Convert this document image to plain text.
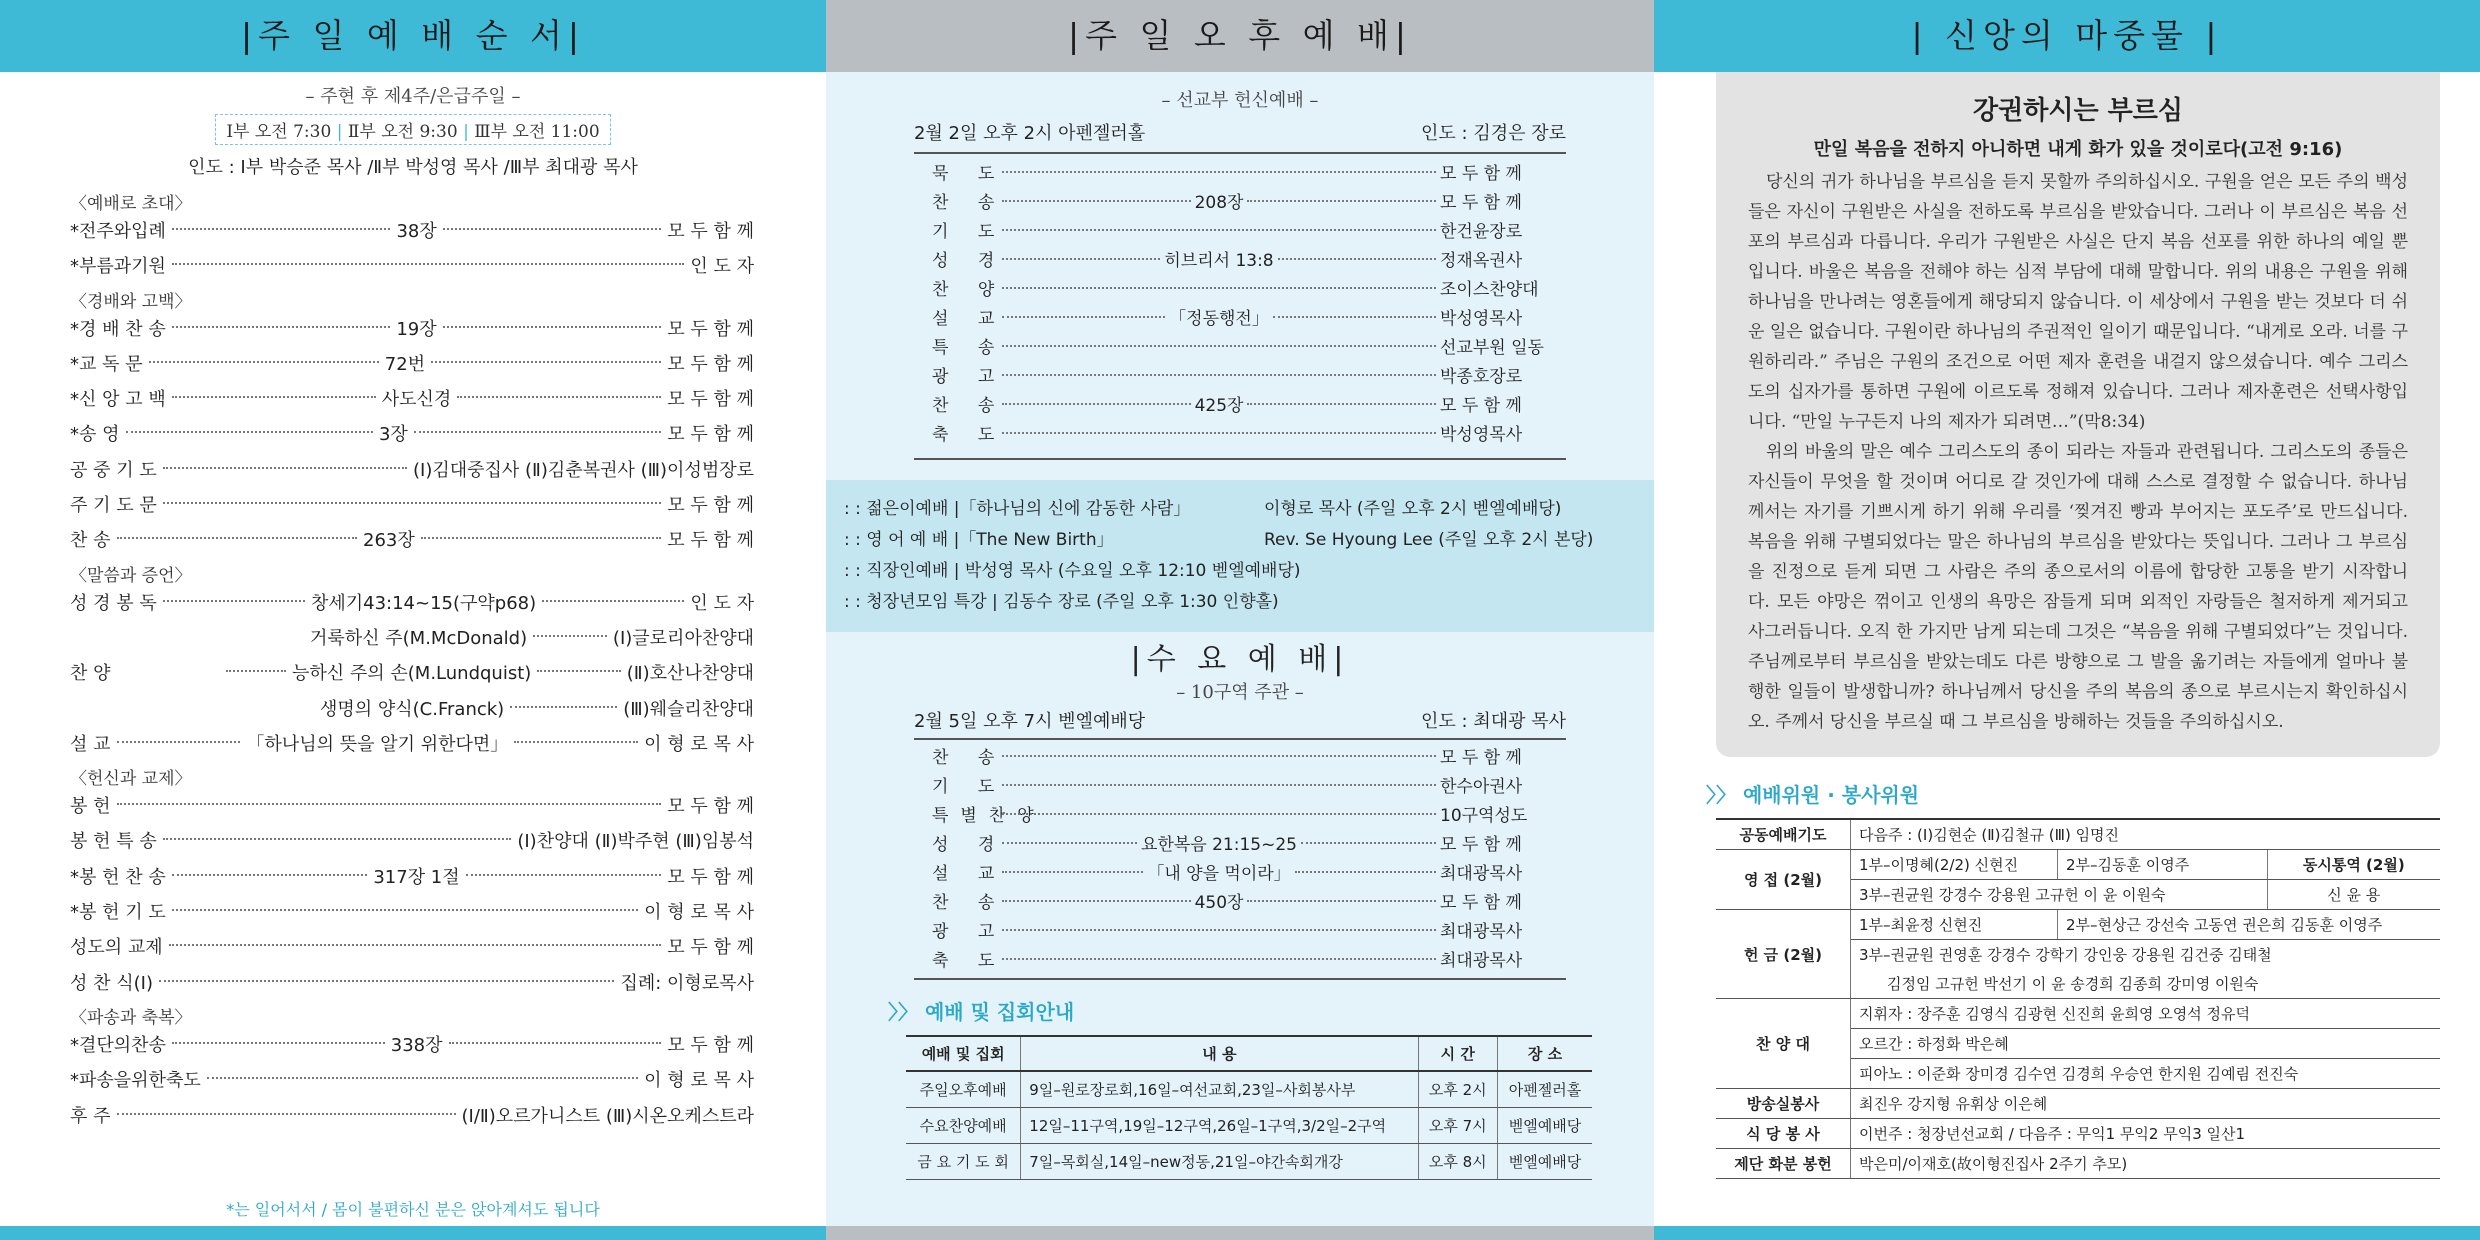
|주 일 예 배 순 서|
– 주현 후 제4주/은급주일 –
Ⅰ부 오전 7:30 | Ⅱ부 오전 9:30 | Ⅲ부 오전 11:00
인도 : Ⅰ부 박승준 목사 /Ⅱ부 박성영 목사 /Ⅲ부 최대광 목사
〈예배로 초대〉
*전주와입례	38장	모 두 함 께
*부름과기원	인 도 자
〈경배와 고백〉
*경 배 찬 송	19장	모 두 함 께
*교 독 문	72번	모 두 함 께
*신 앙 고 백	사도신경	모 두 함 께
*송 영	3장	모 두 함 께
공 중 기 도	(Ⅰ)김대중집사 (Ⅱ)김춘복권사 (Ⅲ)이성범장로
주 기 도 문	모 두 함 께
찬 송	263장	모 두 함 께
〈말씀과 증언〉
성 경 봉 독	창세기43:14~15(구약p68)	인 도 자
거룩하신 주(M.McDonald)	(Ⅰ)글로리아찬양대
찬 양	능하신 주의 손(M.Lundquist)	(Ⅱ)호산나찬양대
생명의 양식(C.Franck)	(Ⅲ)웨슬리찬양대
설 교	「하나님의 뜻을 알기 위한다면」	이 형 로 목 사
〈헌신과 교제〉
봉 헌	모 두 함 께
봉 헌 특 송	(Ⅰ)찬양대 (Ⅱ)박주현 (Ⅲ)임봉석
*봉 헌 찬 송	317장 1절	모 두 함 께
*봉 헌 기 도	이 형 로 목 사
성도의 교제	모 두 함 께
성 찬 식(Ⅰ)	집례: 이형로목사
〈파송과 축복〉
*결단의찬송	338장	모 두 함 께
*파송을위한축도	이 형 로 목 사
후 주	(Ⅰ/Ⅱ)오르가니스트 (Ⅲ)시온오케스트라
*는 일어서서 / 몸이 불편하신 분은 앉아계셔도 됩니다
|주 일 오 후 예 배|
– 선교부 헌신예배 –
2월 2일 오후 2시 아펜젤러홀	인도 : 김경은 장로
묵 도	모 두 함 께
찬 송	208장	모 두 함 께
기 도	한건윤장로
성 경	히브리서 13:8	정재옥권사
찬 양	조이스찬양대
설 교	「정동행전」	박성영목사
특 송	선교부원 일동
광 고	박종호장로
찬 송	425장	모 두 함 께
축 도	박성영목사
: : 젊은이예배 |「하나님의 신에 감동한 사람」	이형로 목사 (주일 오후 2시 벧엘예배당)
: : 영 어 예 배 |「The New Birth」	Rev. Se Hyoung Lee (주일 오후 2시 본당)
: : 직장인예배 | 박성영 목사 (수요일 오후 12:10 벧엘예배당)
: : 청장년모임 특강 | 김동수 장로 (주일 오후 1:30 인향홀)
|수 요 예 배|
– 10구역 주관 –
2월 5일 오후 7시 벧엘예배당	인도 : 최대광 목사
찬 송	모 두 함 께
기 도	한수아권사
특별찬양	10구역성도
성 경	요한복음 21:15~25	모 두 함 께
설 교	「내 양을 먹이라」	최대광목사
찬 송	450장	모 두 함 께
광 고	최대광목사
축 도	최대광목사
〉〉 예배 및 집회안내
예배 및 집회	내 용	시 간	장 소
주일오후예배	9일–원로장로회,16일–여선교회,23일–사회봉사부	오후 2시	아펜젤러홀
수요찬양예배	12일–11구역,19일–12구역,26일–1구역,3/2일–2구역	오후 7시	벧엘예배당
금 요 기 도 회	7일–목회실,14일–new정동,21일–야간속회개강	오후 8시	벧엘예배당
| 신앙의 마중물 |
강권하시는 부르심
만일 복음을 전하지 아니하면 내게 화가 있을 것이로다(고전 9:16)

당신의 귀가 하나님을 부르심을 듣지 못할까 주의하십시오. 구원을 얻은 모든 주의 백성들은 자신이 구원받은 사실을 전하도록 부르심을 받았습니다. 그러나 이 부르심은 복음 선포의 부르심과 다릅니다. 우리가 구원받은 사실은 단지 복음 선포를 위한 하나의 예일 뿐입니다. 바울은 복음을 전해야 하는 심적 부담에 대해 말합니다. 위의 내용은 구원을 위해 하나님을 만나려는 영혼들에게 해당되지 않습니다. 이 세상에서 구원을 받는 것보다 더 쉬운 일은 없습니다. 구원이란 하나님의 주권적인 일이기 때문입니다. “내게로 오라. 너를 구원하리라.” 주님은 구원의 조건으로 어떤 제자 훈련을 내걸지 않으셨습니다. 예수 그리스도의 십자가를 통하면 구원에 이르도록 정해져 있습니다. 그러나 제자훈련은 선택사항입니다. “만일 누구든지 나의 제자가 되려면…”(막8:34)

위의 바울의 말은 예수 그리스도의 종이 되라는 자들과 관련됩니다. 그리스도의 종들은 자신들이 무엇을 할 것이며 어디로 갈 것인가에 대해 스스로 결정할 수 없습니다. 하나님께서는 자기를 기쁘시게 하기 위해 우리를 ‘찢겨진 빵과 부어지는 포도주’로 만드십니다. 복음을 위해 구별되었다는 말은 하나님의 부르심을 받았다는 뜻입니다. 그러나 그 부르심을 진정으로 듣게 되면 그 사람은 주의 종으로서의 이름에 합당한 고통을 받기 시작합니다. 모든 야망은 꺾이고 인생의 욕망은 잠들게 되며 외적인 자랑들은 철저하게 제거되고 사그러듭니다. 오직 한 가지만 남게 되는데 그것은 “복음을 위해 구별되었다”는 것입니다. 주님께로부터 부르심을 받았는데도 다른 방향으로 그 발을 옮기려는 자들에게 얼마나 불행한 일들이 발생합니까? 하나님께서 당신을 주의 복음의 종으로 부르시는지 확인하십시오. 주께서 당신을 부르실 때 그 부르심을 방해하는 것들을 주의하십시오.

〉〉 예배위원 · 봉사위원
공동예배기도	다음주 : (Ⅰ)김현순 (Ⅱ)김철규 (Ⅲ) 임명진		
영 접 (2월)	1부–이명혜(2/2) 신현진	2부–김동훈 이영주	동시통역 (2월)
	3부–권균원 강경수 강용원 고규헌 이 윤 이원숙		신 윤 용
헌 금 (2월)	1부–최윤정 신현진	2부–현상근 강선숙 고동연 권은희 김동훈 이영주	
	3부–권균원 권영훈 강경수 강학기 강인웅 강용원 김건중 김태철		
	김정임 고규헌 박선기 이 윤 송경희 김종희 강미영 이원숙		
찬 양 대	지휘자 : 장주훈 김영식 김광현 신진희 윤희영 오영석 정유덕		
	오르간 : 하정화 박은혜		
	피아노 : 이준화 장미경 김수연 김경희 우승연 한지원 김예림 전진숙		
방송실봉사	최진우 강지형 유휘상 이은혜		
식 당 봉 사	이번주 : 청장년선교회 / 다음주 : 무익1 무익2 무익3 일산1		
제단 화분 봉헌	박은미/이재호(故이형진집사 2주기 추모)		
